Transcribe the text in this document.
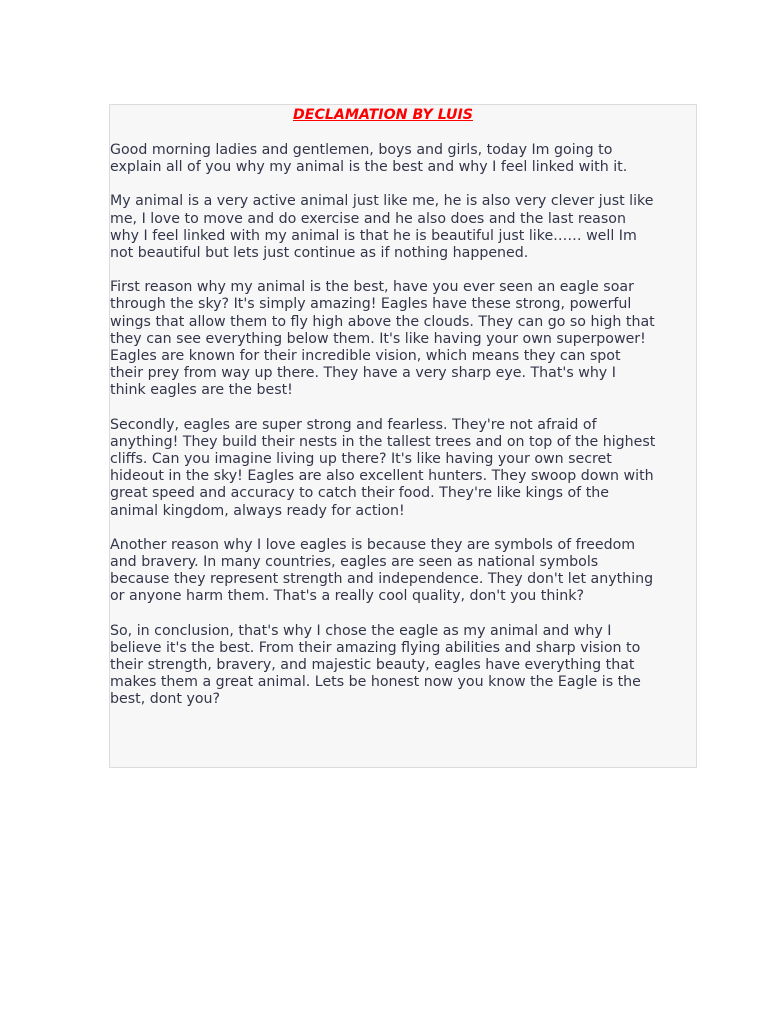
DECLAMATION BY LUIS

Good morning ladies and gentlemen, boys and girls, today Im going to explain all of you why my animal is the best and why I feel linked with it.

My animal is a very active animal just like me, he is also very clever just like me, I love to move and do exercise and he also does and the last reason why I feel linked with my animal is that he is beautiful just like…… well Im not beautiful but lets just continue as if nothing happened.

First reason why my animal is the best, have you ever seen an eagle soar through the sky? It's simply amazing! Eagles have these strong, powerful wings that allow them to fly high above the clouds. They can go so high that they can see everything below them. It's like having your own superpower! Eagles are known for their incredible vision, which means they can spot their prey from way up there. They have a very sharp eye. That's why I think eagles are the best!

Secondly, eagles are super strong and fearless. They're not afraid of anything! They build their nests in the tallest trees and on top of the highest cliffs. Can you imagine living up there? It's like having your own secret hideout in the sky! Eagles are also excellent hunters. They swoop down with great speed and accuracy to catch their food. They're like kings of the animal kingdom, always ready for action!

Another reason why I love eagles is because they are symbols of freedom and bravery. In many countries, eagles are seen as national symbols because they represent strength and independence. They don't let anything or anyone harm them. That's a really cool quality, don't you think?

So, in conclusion, that's why I chose the eagle as my animal and why I believe it's the best. From their amazing flying abilities and sharp vision to their strength, bravery, and majestic beauty, eagles have everything that makes them a great animal. Lets be honest now you know the Eagle is the best, dont you?
